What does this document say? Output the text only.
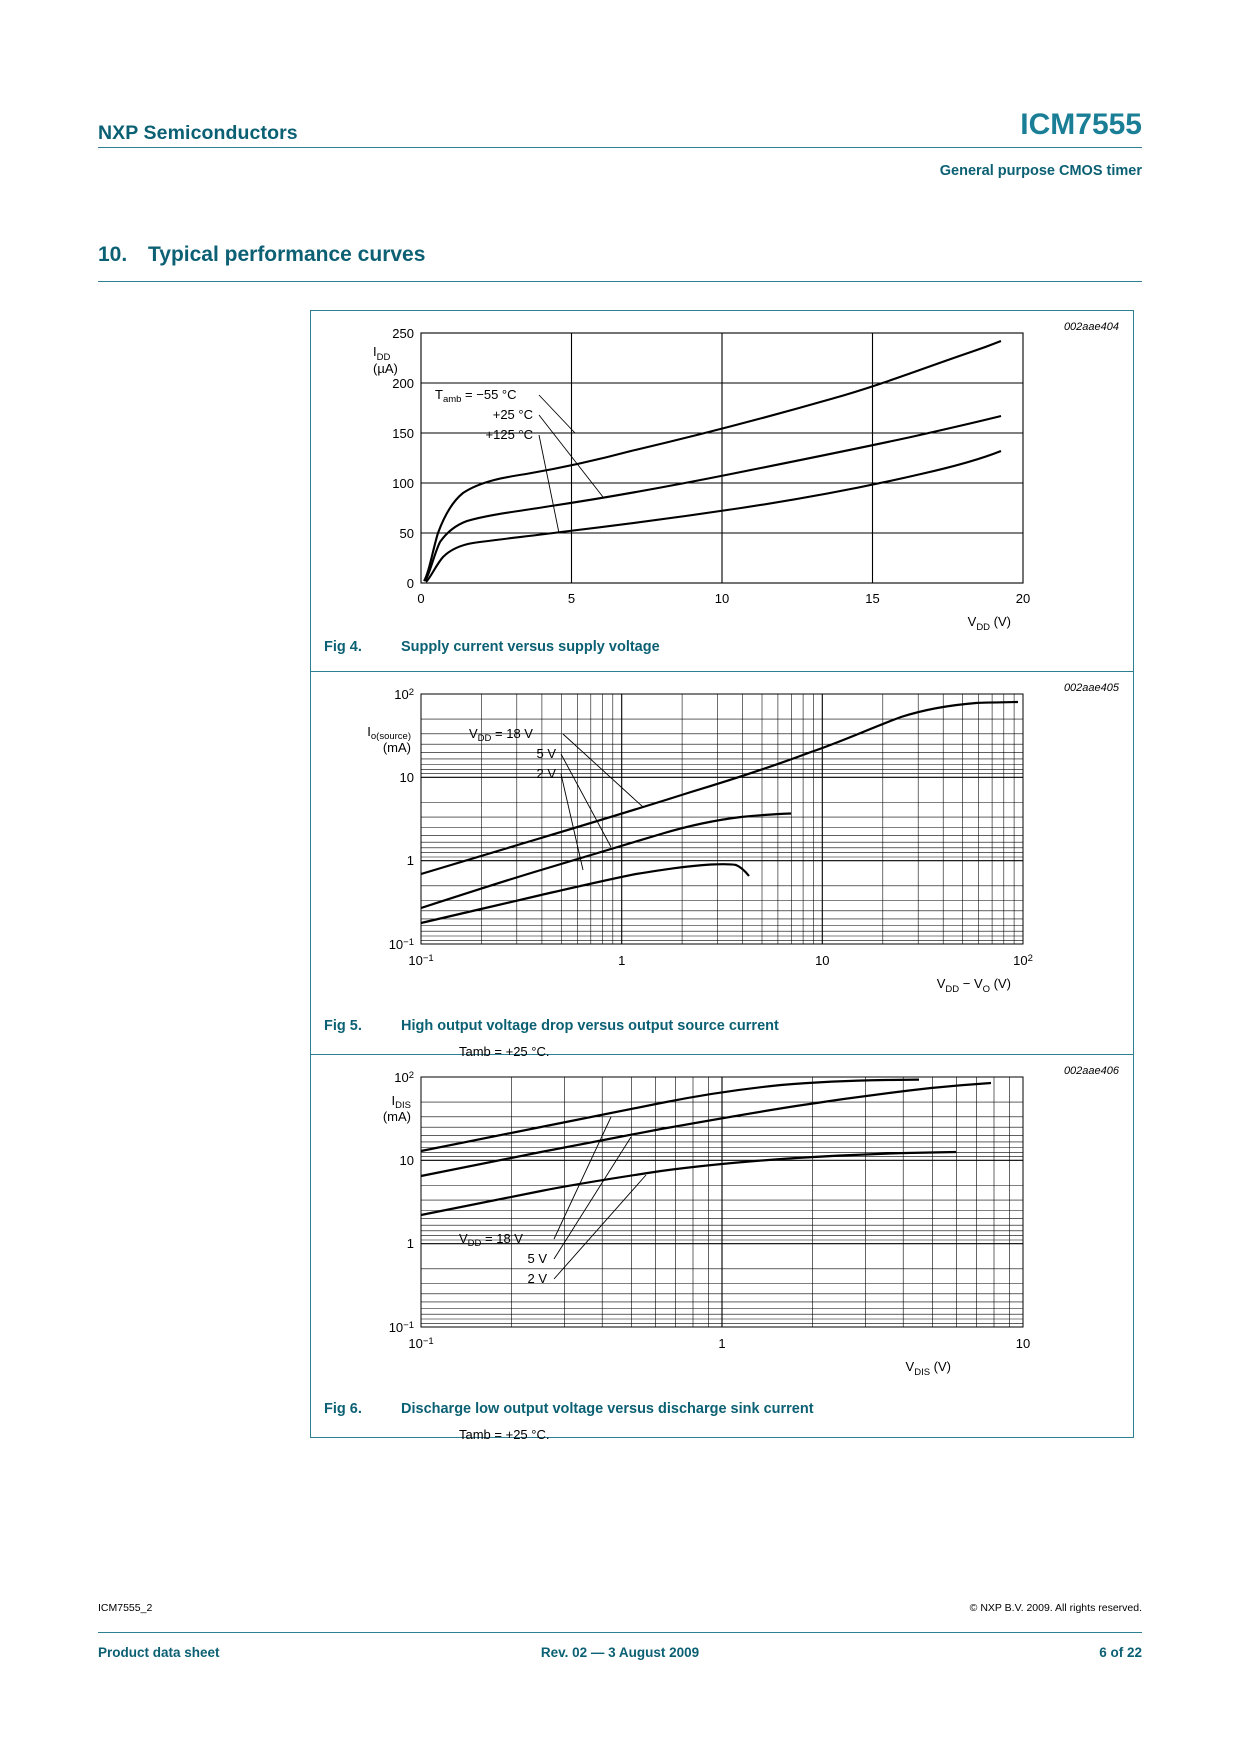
NXP Semiconductors	ICM7555
General purpose CMOS timer
10. Typical performance curves
002aae404
250
200
150
100
50
0
0	5	10	15	20
$I_{DD}$
(µA)
$V_{DD}$ (V)
$T_{amb} = -55$ °C
+25 °C
+125 °C
Fig 4.	Supply current versus supply voltage
002aae405
$10^2$
10
1
$10^{-1}$
$10^{-1}$	1	10	$10^2$
$I_{o(source)}$
(mA)
$V_{DD} - V_O$ (V)
$V_{DD} = 18$ V
5 V
2 V
Tamb = +25 °C.
Fig 5.	High output voltage drop versus output source current
002aae406
$10^2$
10
1
$10^{-1}$
$10^{-1}$	1	10
$I_{DIS}$
(mA)
$V_{DIS}$ (V)
$V_{DD} = 18$ V
5 V
2 V
Tamb = +25 °C.
Fig 6.	Discharge low output voltage versus discharge sink current
ICM7555_2	© NXP B.V. 2009. All rights reserved.
Product data sheet	Rev. 02 — 3 August 2009	6 of 22
